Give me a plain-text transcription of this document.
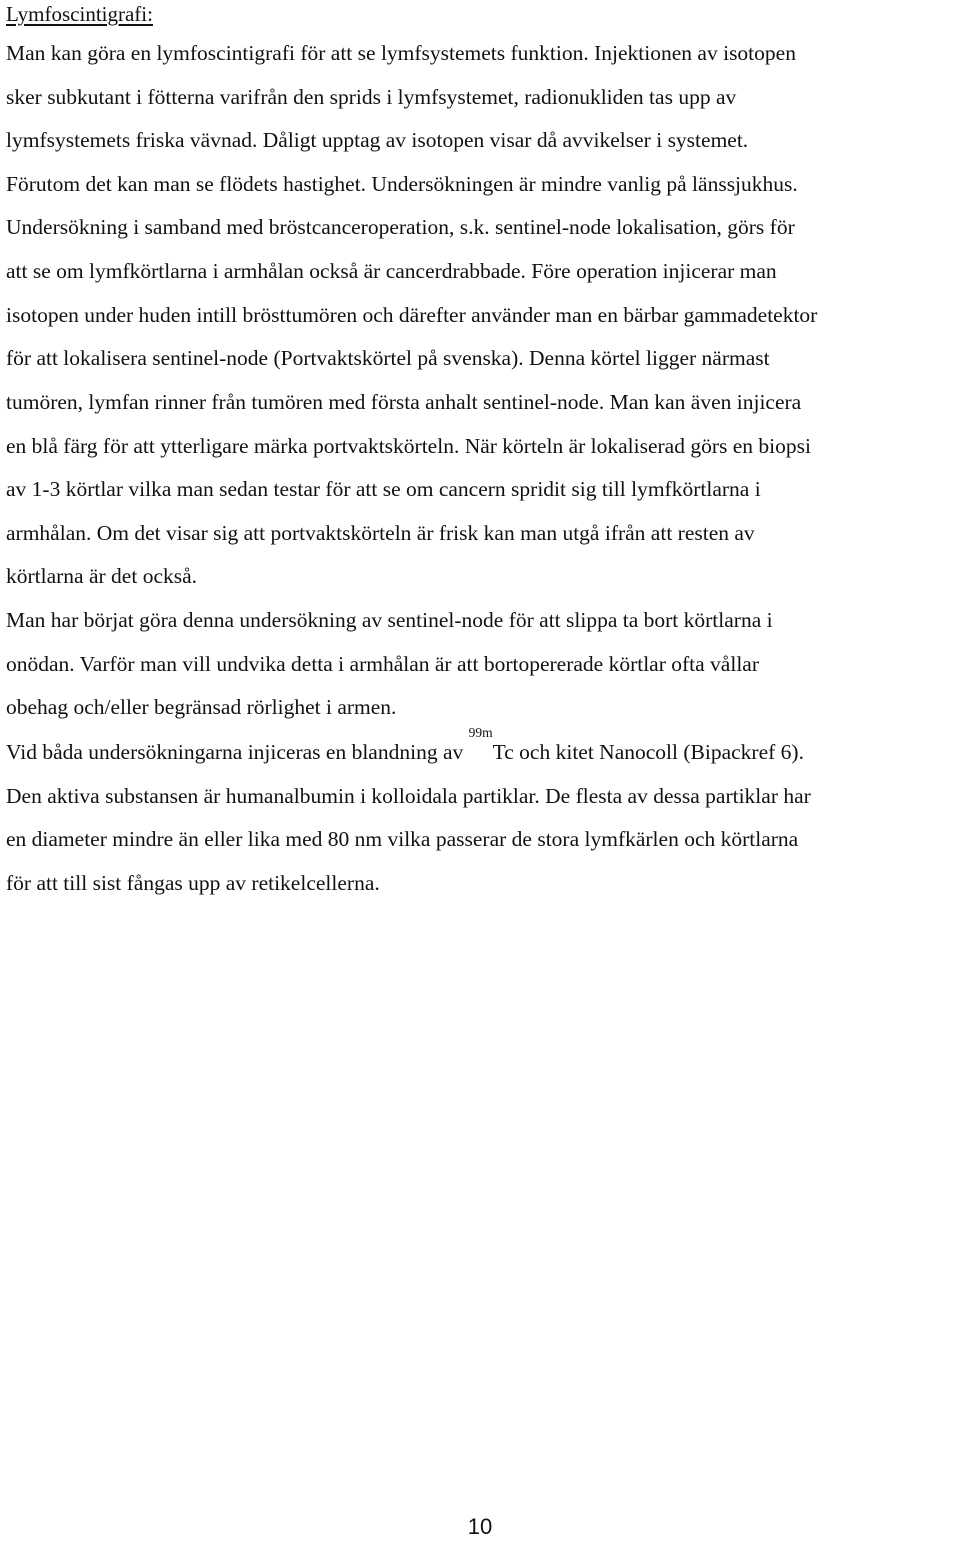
Lymfoscintigrafi:
Man kan göra en lymfoscintigrafi för att se lymfsystemets funktion. Injektionen av isotopen
sker subkutant i fötterna varifrån den sprids i lymfsystemet, radionukliden tas upp av
lymfsystemets friska vävnad. Dåligt upptag av isotopen visar då avvikelser i systemet.
Förutom det kan man se flödets hastighet. Undersökningen är mindre vanlig på länssjukhus.
Undersökning i samband med bröstcanceroperation, s.k. sentinel-node lokalisation, görs för
att se om lymfkörtlarna i armhålan också är cancerdrabbade. Före operation injicerar man
isotopen under huden intill brösttumören och därefter använder man en bärbar gammadetektor
för att lokalisera sentinel-node (Portvaktskörtel på svenska). Denna körtel ligger närmast
tumören, lymfan rinner från tumören med första anhalt sentinel-node. Man kan även injicera
en blå färg för att ytterligare märka portvaktskörteln. När körteln är lokaliserad görs en biopsi
av 1-3 körtlar vilka man sedan testar för att se om cancern spridit sig till lymfkörtlarna i
armhålan. Om det visar sig att portvaktskörteln är frisk kan man utgå ifrån att resten av
körtlarna är det också.
Man har börjat göra denna undersökning av sentinel-node för att slippa ta bort körtlarna i
onödan. Varför man vill undvika detta i armhålan är att bortopererade körtlar ofta vållar
obehag och/eller begränsad rörlighet i armen.
Vid båda undersökningarna injiceras en blandning av $^{99m}$Tc och kitet Nanocoll (Bipackref 6).
Den aktiva substansen är humanalbumin i kolloidala partiklar. De flesta av dessa partiklar har
en diameter mindre än eller lika med 80 nm vilka passerar de stora lymfkärlen och körtlarna
för att till sist fångas upp av retikelcellerna.
10
